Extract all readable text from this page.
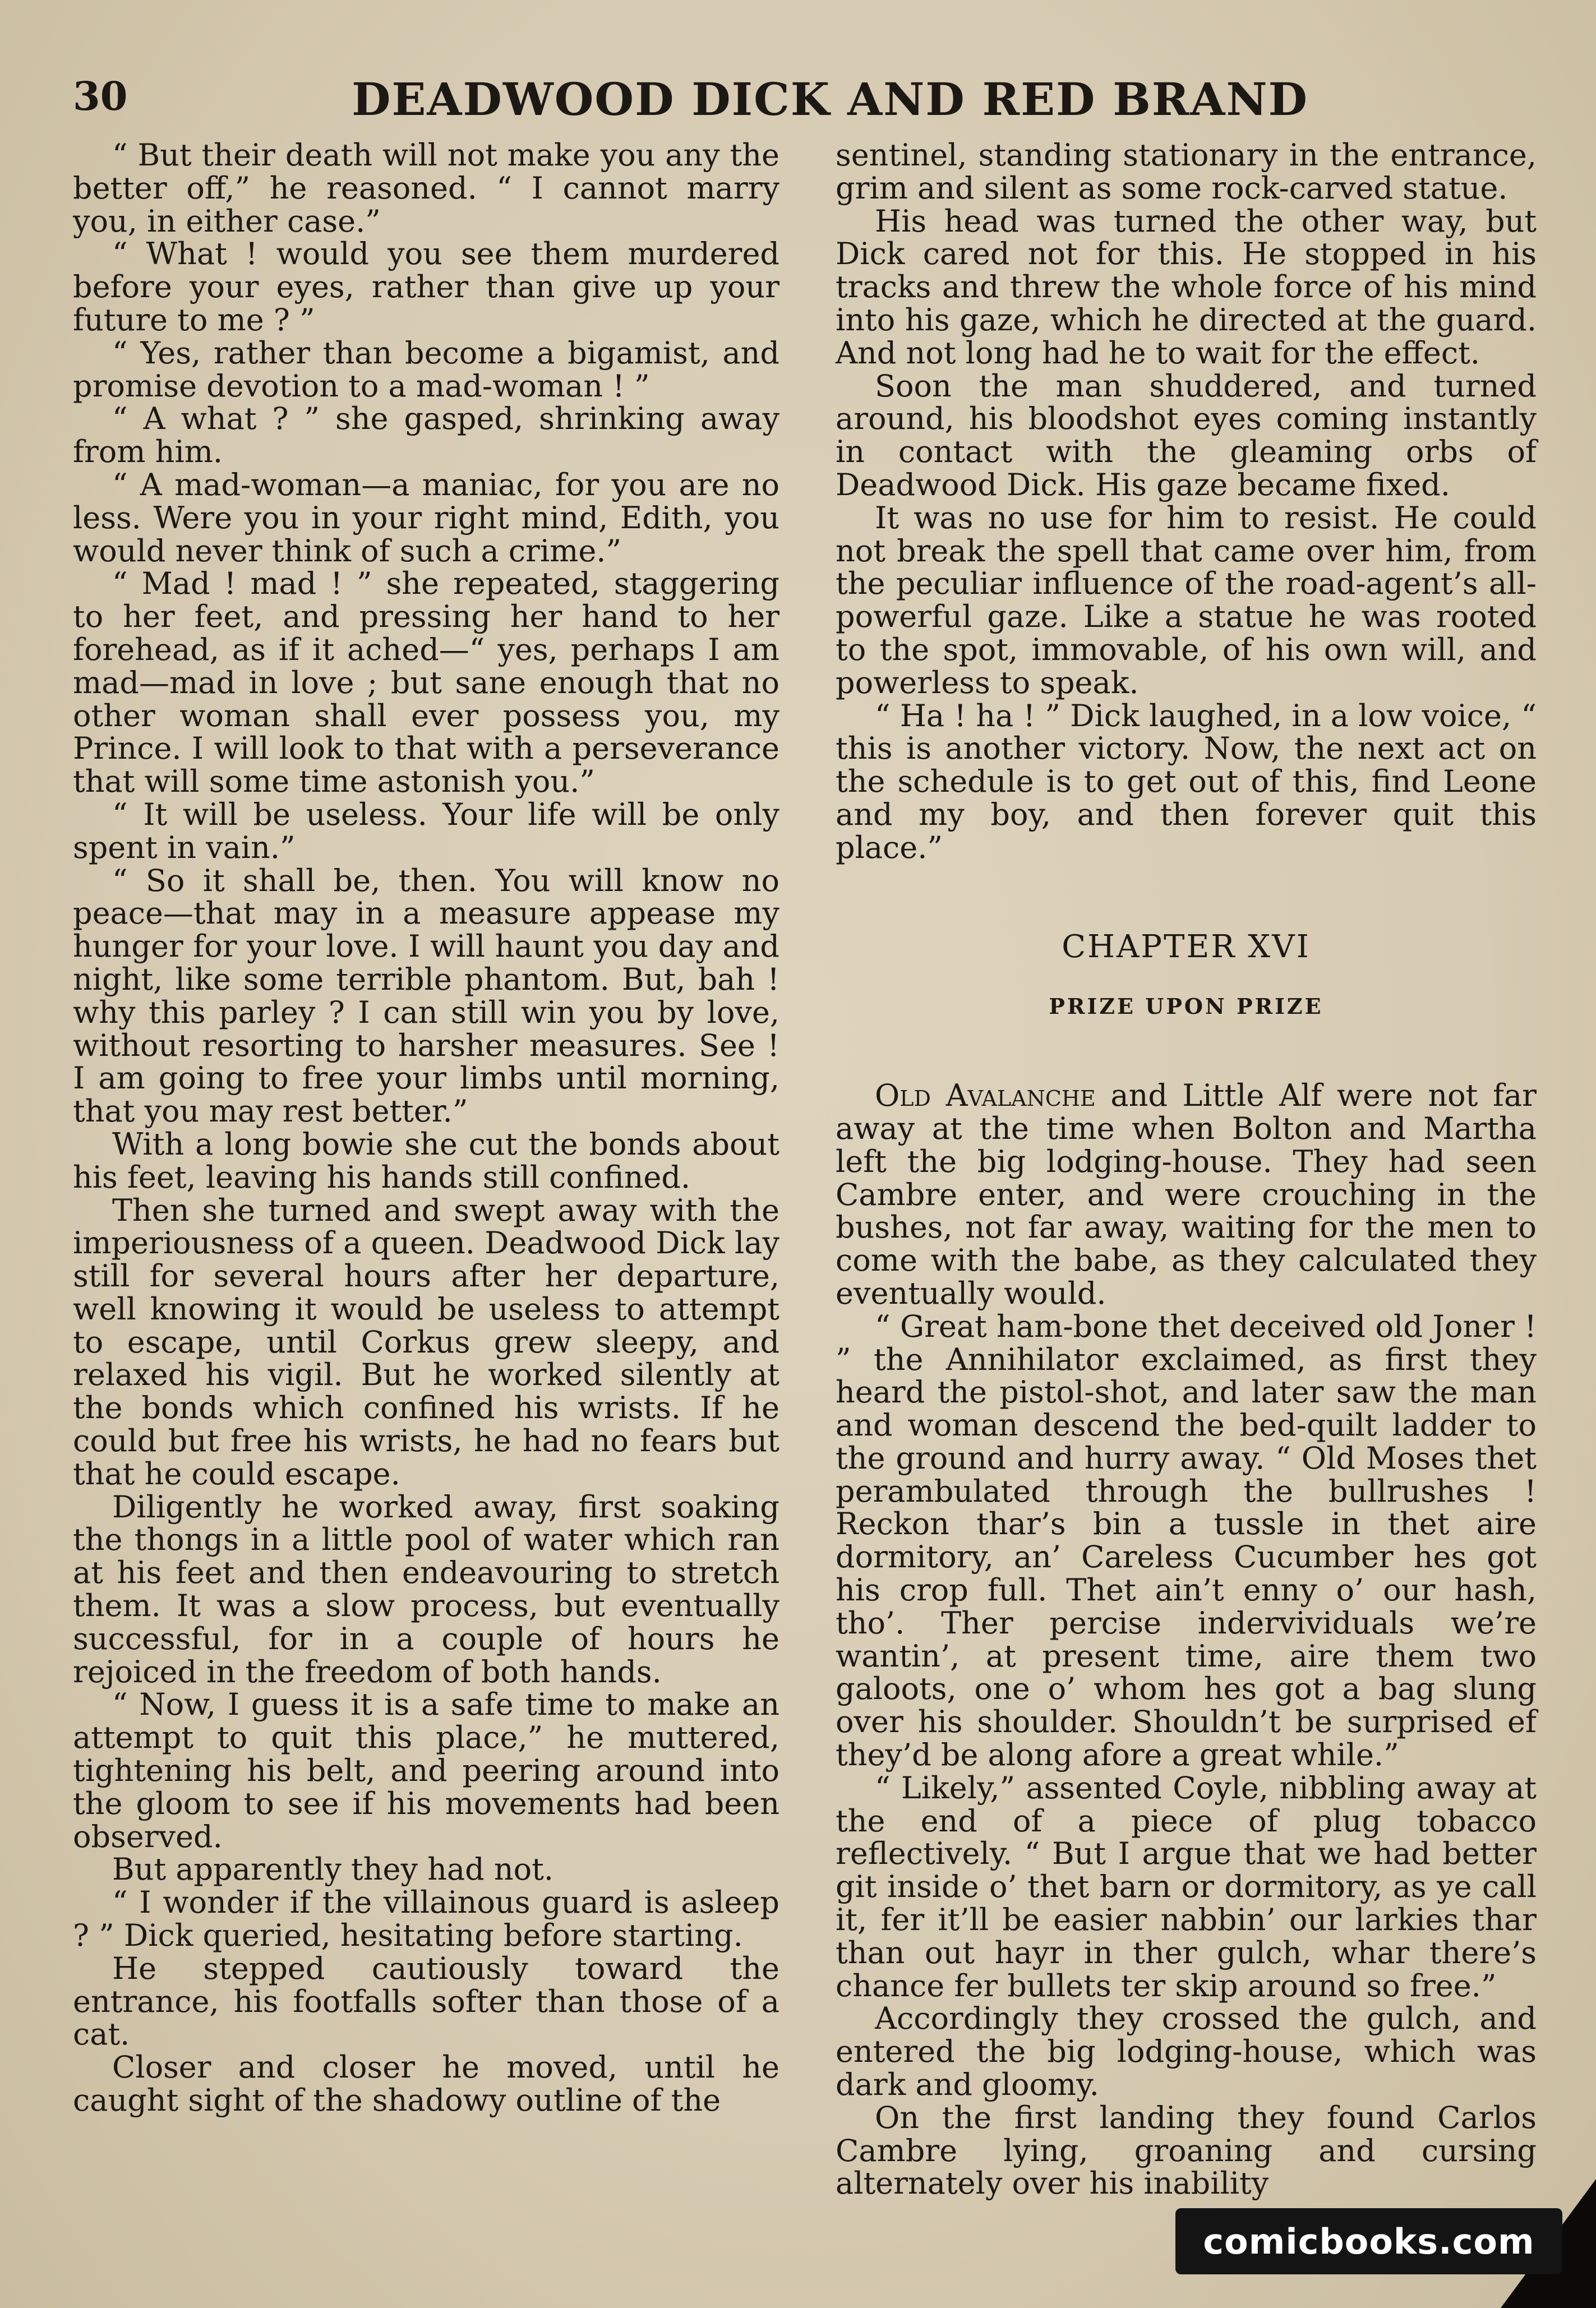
30	DEADWOOD DICK AND RED BRAND

“ But their death will not make you any the better off,” he reasoned. “ I cannot marry you, in either case.”

“ What ! would you see them murdered before your eyes, rather than give up your future to me ? ”

“ Yes, rather than become a bigamist, and promise devotion to a mad-woman ! ”

“ A what ? ” she gasped, shrinking away from him.

“ A mad-woman—a maniac, for you are no less. Were you in your right mind, Edith, you would never think of such a crime.”

“ Mad ! mad ! ” she repeated, staggering to her feet, and pressing her hand to her forehead, as if it ached—“ yes, perhaps I am mad—mad in love ; but sane enough that no other woman shall ever possess you, my Prince. I will look to that with a perseverance that will some time astonish you.”

“ It will be useless. Your life will be only spent in vain.”

“ So it shall be, then. You will know no peace—that may in a measure appease my hunger for your love. I will haunt you day and night, like some terrible phantom. But, bah ! why this parley ? I can still win you by love, without resorting to harsher measures. See ! I am going to free your limbs until morning, that you may rest better.”

With a long bowie she cut the bonds about his feet, leaving his hands still confined.

Then she turned and swept away with the imperiousness of a queen. Deadwood Dick lay still for several hours after her departure, well knowing it would be useless to attempt to escape, until Corkus grew sleepy, and relaxed his vigil. But he worked silently at the bonds which confined his wrists. If he could but free his wrists, he had no fears but that he could escape.

Diligently he worked away, first soaking the thongs in a little pool of water which ran at his feet and then endeavouring to stretch them. It was a slow process, but eventually successful, for in a couple of hours he rejoiced in the freedom of both hands.

“ Now, I guess it is a safe time to make an attempt to quit this place,” he muttered, tightening his belt, and peering around into the gloom to see if his movements had been observed.

But apparently they had not.

“ I wonder if the villainous guard is asleep ? ” Dick queried, hesitating before starting.

He stepped cautiously toward the entrance, his footfalls softer than those of a cat.

Closer and closer he moved, until he caught sight of the shadowy outline of the

sentinel, standing stationary in the entrance, grim and silent as some rock-carved statue.

His head was turned the other way, but Dick cared not for this. He stopped in his tracks and threw the whole force of his mind into his gaze, which he directed at the guard. And not long had he to wait for the effect.

Soon the man shuddered, and turned around, his bloodshot eyes coming instantly in contact with the gleaming orbs of Deadwood Dick. His gaze became fixed.

It was no use for him to resist. He could not break the spell that came over him, from the peculiar influence of the road-agent’s all-powerful gaze. Like a statue he was rooted to the spot, immovable, of his own will, and powerless to speak.

“ Ha ! ha ! ” Dick laughed, in a low voice, “ this is another victory. Now, the next act on the schedule is to get out of this, find Leone and my boy, and then forever quit this place.”

CHAPTER XVI
PRIZE UPON PRIZE

Old Avalanche and Little Alf were not far away at the time when Bolton and Martha left the big lodging-house. They had seen Cambre enter, and were crouching in the bushes, not far away, waiting for the men to come with the babe, as they calculated they eventually would.

“ Great ham-bone thet deceived old Joner ! ” the Annihilator exclaimed, as first they heard the pistol-shot, and later saw the man and woman descend the bed-quilt ladder to the ground and hurry away. “ Old Moses thet perambulated through the bullrushes ! Reckon thar’s bin a tussle in thet aire dormitory, an’ Careless Cucumber hes got his crop full. Thet ain’t enny o’ our hash, tho’. Ther percise indervividuals we’re wantin’, at present time, aire them two galoots, one o’ whom hes got a bag slung over his shoulder. Shouldn’t be surprised ef they’d be along afore a great while.”

“ Likely,” assented Coyle, nibbling away at the end of a piece of plug tobacco reflectively. “ But I argue that we had better git inside o’ thet barn or dormitory, as ye call it, fer it’ll be easier nabbin’ our larkies thar than out hayr in ther gulch, whar there’s chance fer bullets ter skip around so free.”

Accordingly they crossed the gulch, and entered the big lodging-house, which was dark and gloomy.

On the first landing they found Carlos Cambre lying, groaning and cursing alternately over his inability

comicbooks.com
